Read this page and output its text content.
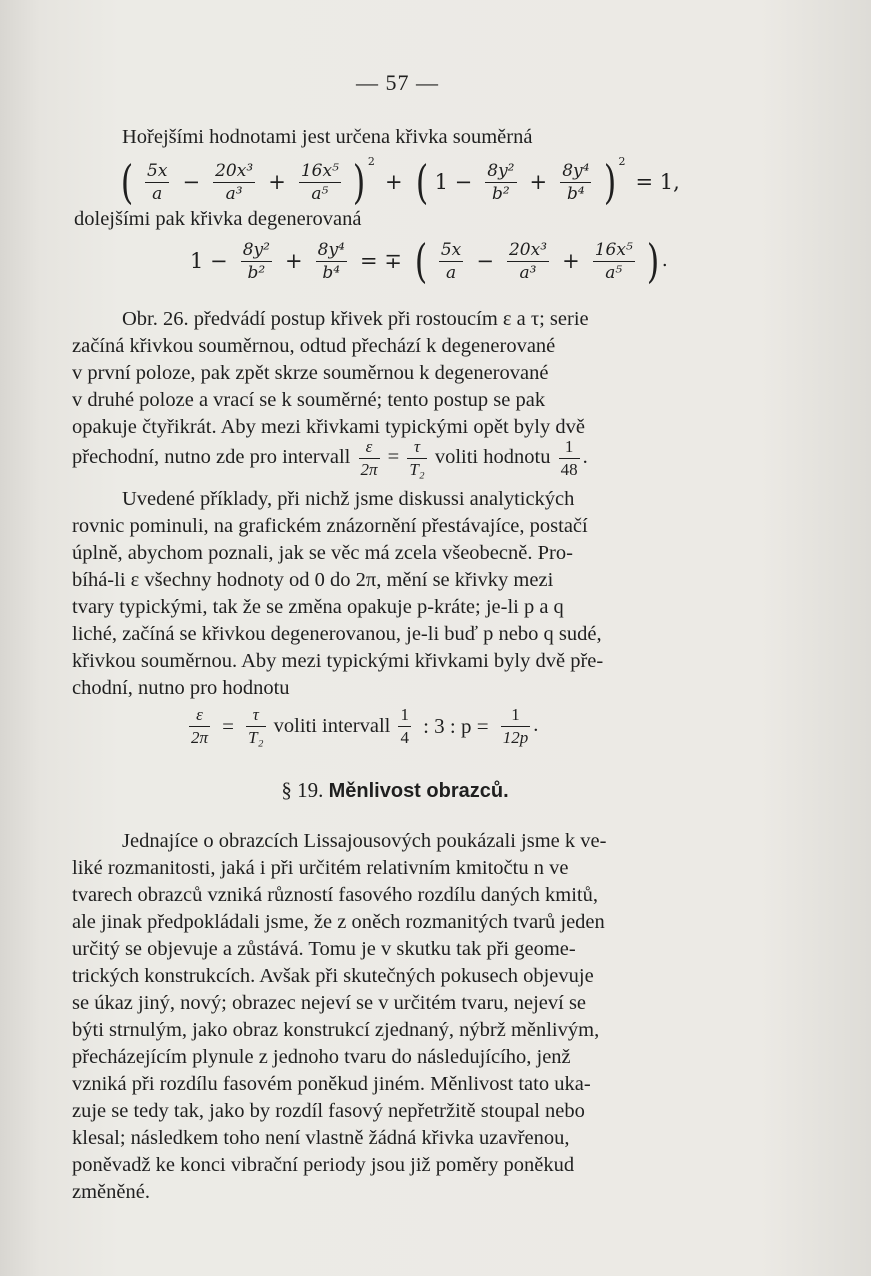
— 57 —
Hořejšími hodnotami jest určena křivka souměrná
( $\frac{5x}{a} - \frac{\text{20x³}}{\text{a³}} + \frac{\text{16x⁵}}{\text{a⁵}}$ ) $^2$ + ( $1 - \frac{\text{8y²}}{\text{b²}} + \frac{\text{8y⁴}}{\text{b⁴}}$ ) $^2$ = 1,
dolejšími pak křivka degenerovaná
$1 - \frac{\text{8y²}}{\text{b²}} + \frac{\text{8y⁴}}{\text{b⁴}}$ = ∓ ( $\frac{5x}{a} - \frac{\text{20x³}}{\text{a³}} + \frac{\text{16x⁵}}{\text{a⁵}}$ ) .
Obr. 26. předvádí postup křivek při rostoucím ε a τ; serie
začíná křivkou souměrnou, odtud přechází k degenerované
v první poloze, pak zpět skrze souměrnou k degenerované
v druhé poloze a vrací se k souměrné; tento postup se pak
opakuje čtyřikrát. Aby mezi křivkami typickými opět byly dvě
přechodní, nutno zde pro intervall $\frac{\varepsilon}{2\pi} = \frac{\tau}{\text{T₂}}$ voliti hodnotu $\frac{1}{48}$ .
Uvedené příklady, při nichž jsme diskussi analytických
rovnic pominuli, na grafickém znázornění přestávajíce, postačí
úplně, abychom poznali, jak se věc má zcela všeobecně. Pro-
bíhá-li ε všechny hodnoty od 0 do 2π, mění se křivky mezi
tvary typickými, tak že se změna opakuje p-kráte; je-li p a q
liché, začíná se křivkou degenerovanou, je-li buď p nebo q sudé,
křivkou souměrnou. Aby mezi typickými křivkami byly dvě pře-
chodní, nutno pro hodnotu
$\frac{\varepsilon}{2\pi} = \frac{\tau}{\text{T₂}}$ voliti intervall $\frac{1}{4}$ : 3 : $p = \frac{1}{12p}$ .
§ 19. Měnlivost obrazců.
Jednajíce o obrazcích Lissajousových poukázali jsme k ve-
liké rozmanitosti, jaká i při určitém relativním kmitočtu n ve
tvarech obrazců vzniká růzností fasového rozdílu daných kmitů,
ale jinak předpokládali jsme, že z oněch rozmanitých tvarů jeden
určitý se objevuje a zůstává. Tomu je v skutku tak při geome-
trických konstrukcích. Avšak při skutečných pokusech objevuje
se úkaz jiný, nový; obrazec nejeví se v určitém tvaru, nejeví se
býti strnulým, jako obraz konstrukcí zjednaný, nýbrž měnlivým,
přecházejícím plynule z jednoho tvaru do následujícího, jenž
vzniká při rozdílu fasovém poněkud jiném. Měnlivost tato uka-
zuje se tedy tak, jako by rozdíl fasový nepřetržitě stoupal nebo
klesal; následkem toho není vlastně žádná křivka uzavřenou,
poněvadž ke konci vibrační periody jsou již poměry poněkud
změněné.
